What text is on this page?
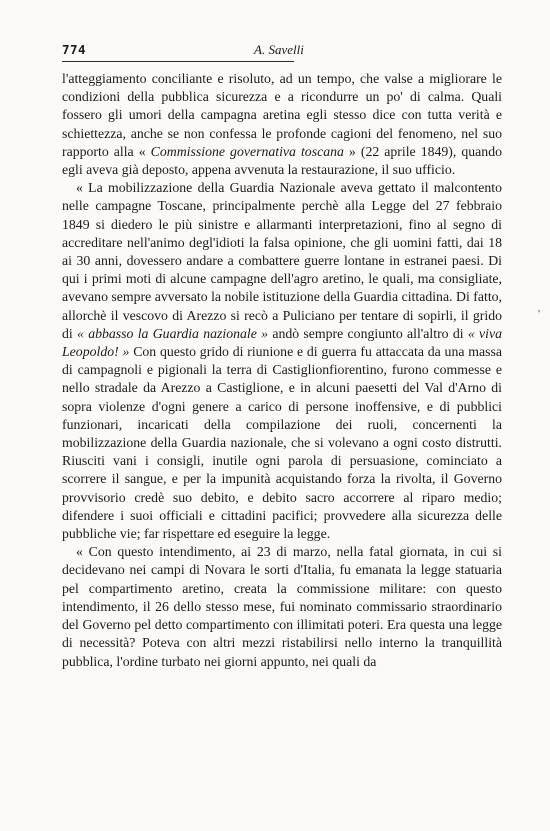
774	A. Savelli

l'atteggiamento conciliante e risoluto, ad un tempo, che valse a migliorare le condizioni della pubblica sicurezza e a ricondurre un po' di calma. Quali fossero gli umori della campagna aretina egli stesso dice con tutta verità e schiettezza, anche se non confessa le profonde cagioni del fenomeno, nel suo rapporto alla « Commissione governativa toscana » (22 aprile 1849), quando egli aveva già deposto, appena avvenuta la restaurazione, il suo ufficio.

« La mobilizzazione della Guardia Nazionale aveva gettato il malcontento nelle campagne Toscane, principalmente perchè alla Legge del 27 febbraio 1849 si diedero le più sinistre e allarmanti interpretazioni, fino al segno di accreditare nell'animo degl'idioti la falsa opinione, che gli uomini fatti, dai 18 ai 30 anni, dovessero andare a combattere guerre lontane in estranei paesi. Di qui i primi moti di alcune campagne dell'agro aretino, le quali, ma consigliate, avevano sempre avversato la nobile istituzione della Guardia cittadina. Di fatto, allorchè il vescovo di Arezzo si recò a Puliciano per tentare di sopirli, il grido di « abbasso la Guardia nazionale » andò sempre congiunto all'altro di « viva Leopoldo! » Con questo grido di riunione e di guerra fu attaccata da una massa di campagnoli e pigionali la terra di Castiglionfiorentino, furono commesse e nello stradale da Arezzo a Castiglione, e in alcuni paesetti del Val d'Arno di sopra violenze d'ogni genere a carico di persone inoffensive, e di pubblici funzionari, incaricati della compilazione dei ruoli, concernenti la mobilizzazione della Guardia nazionale, che si volevano a ogni costo distrutti. Riusciti vani i consigli, inutile ogni parola di persuasione, cominciato a scorrere il sangue, e per la impunità acquistando forza la rivolta, il Governo provvisorio credè suo debito, e debito sacro accorrere al riparo medio; difendere i suoi officiali e cittadini pacifici; provvedere alla sicurezza delle pubbliche vie; far rispettare ed eseguire la legge.

« Con questo intendimento, ai 23 di marzo, nella fatal giornata, in cui si decidevano nei campi di Novara le sorti d'Italia, fu emanata la legge statuaria pel compartimento aretino, creata la commissione militare: con questo intendimento, il 26 dello stesso mese, fui nominato commissario straordinario del Governo pel detto compartimento con illimitati poteri. Era questa una legge di necessità? Poteva con altri mezzi ristabilirsi nello interno la tranquillità pubblica, l'ordine turbato nei giorni appunto, nei quali da

'
